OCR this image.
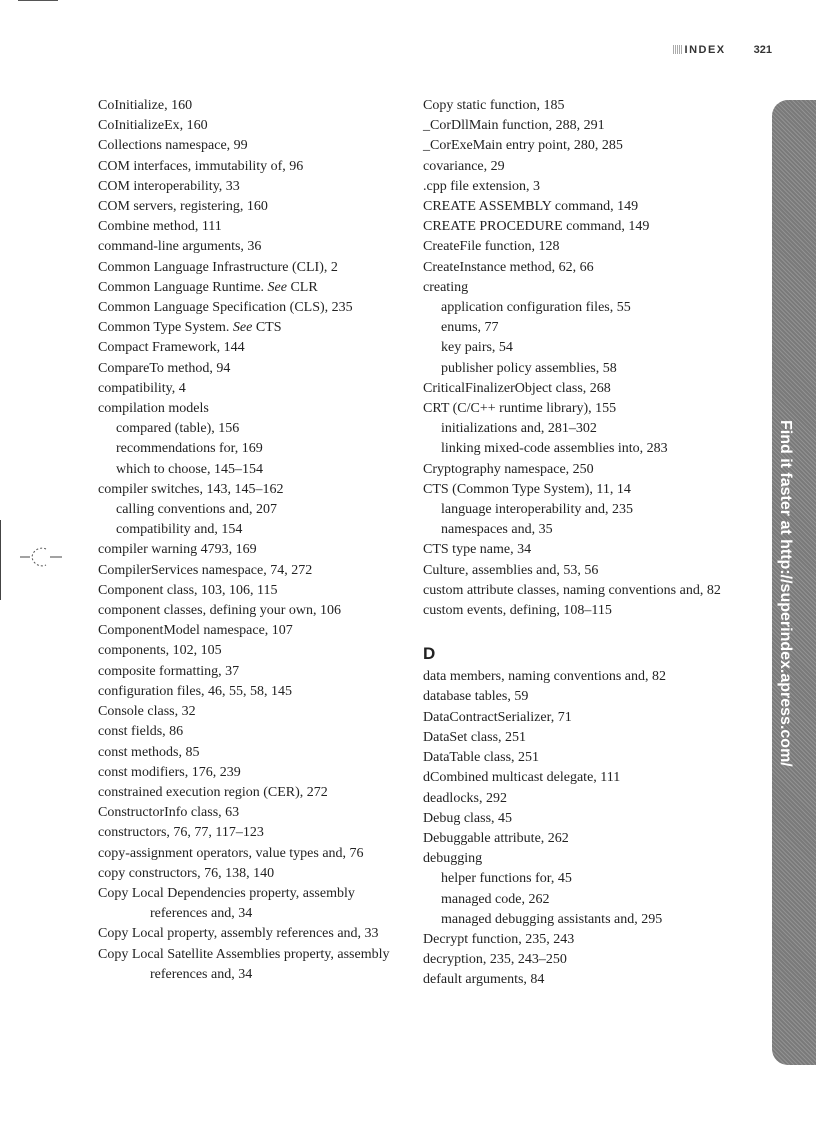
INDEX	321
CoInitialize, 160
CoInitializeEx, 160
Collections namespace, 99
COM interfaces, immutability of, 96
COM interoperability, 33
COM servers, registering, 160
Combine method, 111
command-line arguments, 36
Common Language Infrastructure (CLI), 2
Common Language Runtime. See CLR
Common Language Specification (CLS), 235
Common Type System. See CTS
Compact Framework, 144
CompareTo method, 94
compatibility, 4
compilation models
compared (table), 156
recommendations for, 169
which to choose, 145–154
compiler switches, 143, 145–162
calling conventions and, 207
compatibility and, 154
compiler warning 4793, 169
CompilerServices namespace, 74, 272
Component class, 103, 106, 115
component classes, defining your own, 106
ComponentModel namespace, 107
components, 102, 105
composite formatting, 37
configuration files, 46, 55, 58, 145
Console class, 32
const fields, 86
const methods, 85
const modifiers, 176, 239
constrained execution region (CER), 272
ConstructorInfo class, 63
constructors, 76, 77, 117–123
copy-assignment operators, value types and, 76
copy constructors, 76, 138, 140
Copy Local Dependencies property, assembly references and, 34
Copy Local property, assembly references and, 33
Copy Local Satellite Assemblies property, assembly references and, 34
Copy static function, 185
_CorDllMain function, 288, 291
_CorExeMain entry point, 280, 285
covariance, 29
.cpp file extension, 3
CREATE ASSEMBLY command, 149
CREATE PROCEDURE command, 149
CreateFile function, 128
CreateInstance method, 62, 66
creating
application configuration files, 55
enums, 77
key pairs, 54
publisher policy assemblies, 58
CriticalFinalizerObject class, 268
CRT (C/C++ runtime library), 155
initializations and, 281–302
linking mixed-code assemblies into, 283
Cryptography namespace, 250
CTS (Common Type System), 11, 14
language interoperability and, 235
namespaces and, 35
CTS type name, 34
Culture, assemblies and, 53, 56
custom attribute classes, naming conventions and, 82
custom events, defining, 108–115
D
data members, naming conventions and, 82
database tables, 59
DataContractSerializer, 71
DataSet class, 251
DataTable class, 251
dCombined multicast delegate, 111
deadlocks, 292
Debug class, 45
Debuggable attribute, 262
debugging
helper functions for, 45
managed code, 262
managed debugging assistants and, 295
Decrypt function, 235, 243
decryption, 235, 243–250
default arguments, 84
Find it faster at http://superindex.apress.com/
